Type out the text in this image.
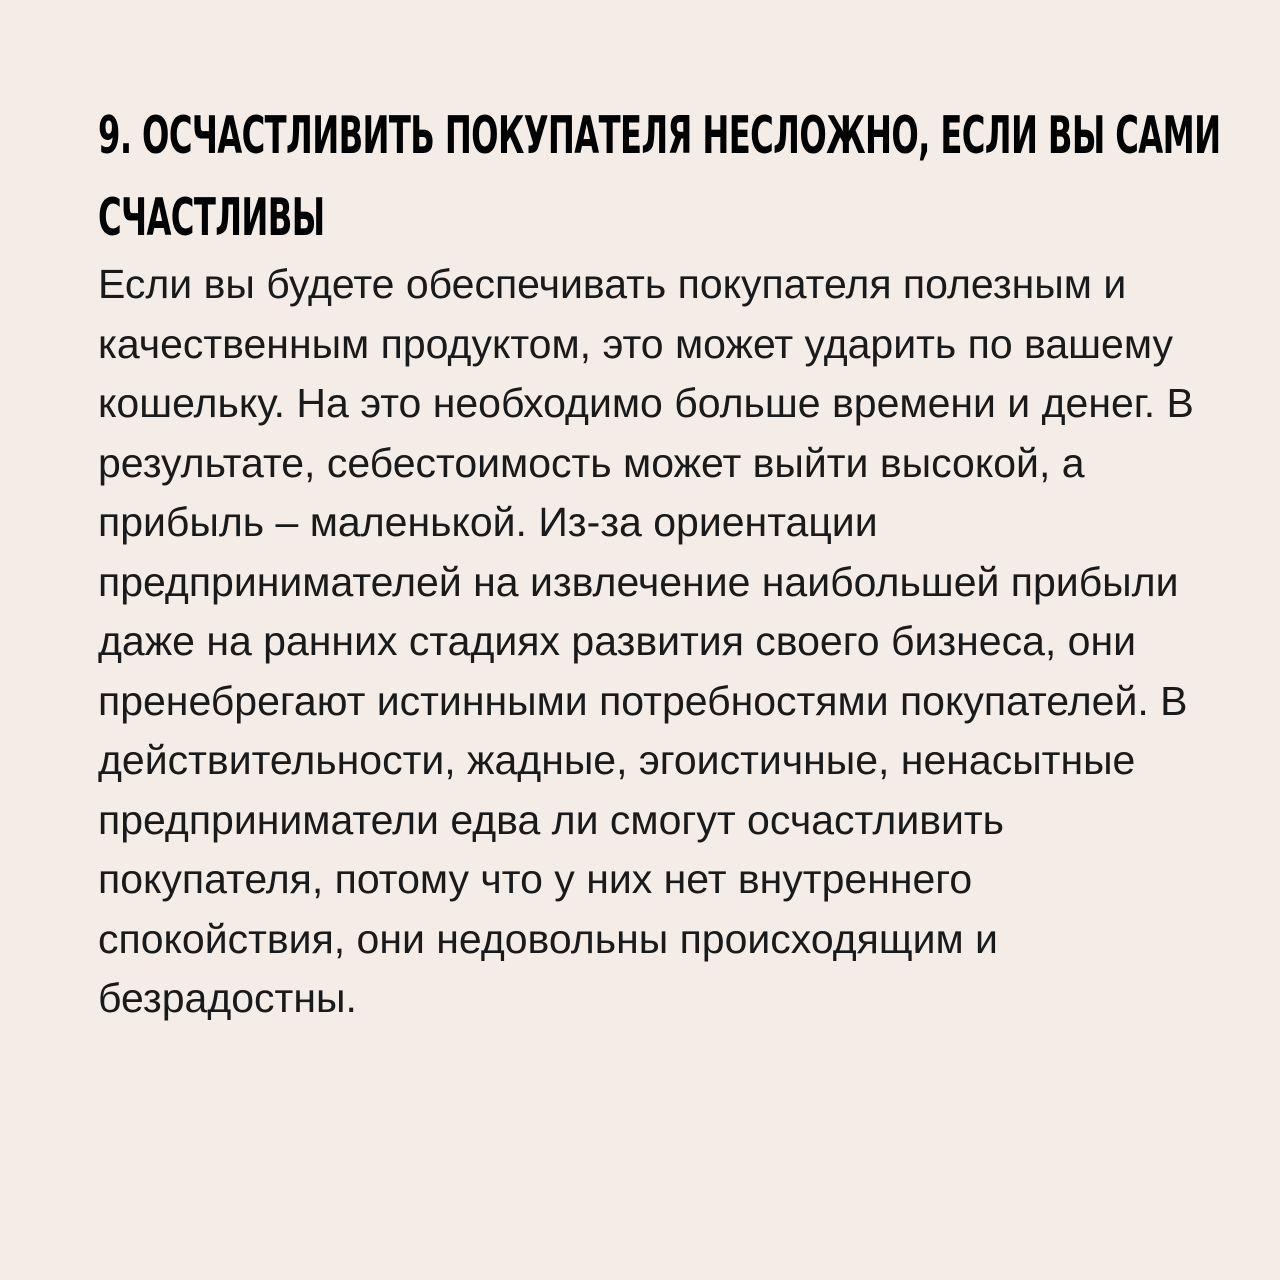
9. ОСЧАСТЛИВИТЬ ПОКУПАТЕЛЯ НЕСЛОЖНО, ЕСЛИ ВЫ САМИ
СЧАСТЛИВЫ

Если вы будете обеспечивать покупателя полезным и
качественным продуктом, это может ударить по вашему
кошельку. На это необходимо больше времени и денег. В
результате, себестоимость может выйти высокой, а
прибыль – маленькой. Из-за ориентации
предпринимателей на извлечение наибольшей прибыли
даже на ранних стадиях развития своего бизнеса, они
пренебрегают истинными потребностями покупателей. В
действительности, жадные, эгоистичные, ненасытные
предприниматели едва ли смогут осчастливить
покупателя, потому что у них нет внутреннего
спокойствия, они недовольны происходящим и
безрадостны.
